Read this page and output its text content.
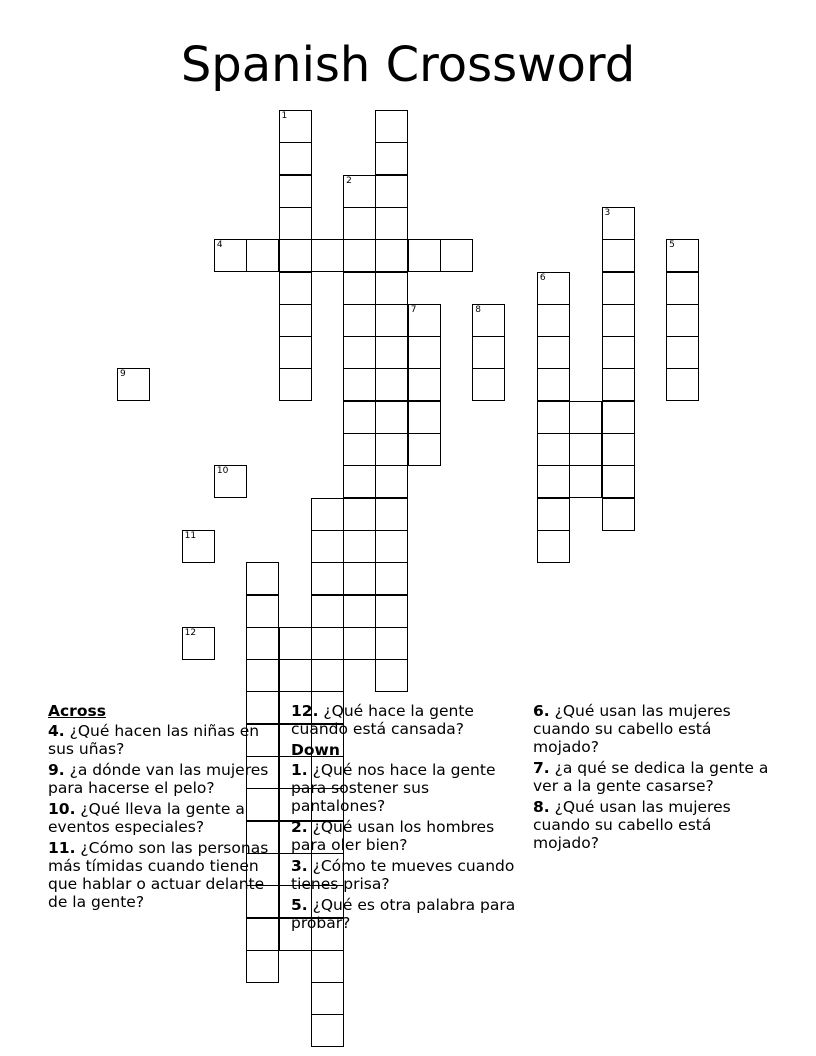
Spanish Crossword
1
2
3
5
4
6
7	8
9
10
11
12
Across
4. ¿Qué hacen las niñas en sus uñas?
9. ¿a dónde van las mujeres para hacerse el pelo?
10. ¿Qué lleva la gente a eventos especiales?
11. ¿Cómo son las personas más tímidas cuando tienen que hablar o actuar delante de la gente?
12. ¿Qué hace la gente cuando está cansada?
Down
1. ¿Qué nos hace la gente para sostener sus pantalones?
2. ¿Qué usan los hombres para oler bien?
3. ¿Cómo te mueves cuando tienes prisa?
5. ¿Qué es otra palabra para probar?
6. ¿Qué usan las mujeres cuando su cabello está mojado?
7. ¿a qué se dedica la gente a ver a la gente casarse?
8. ¿Qué usan las mujeres cuando su cabello está mojado?
